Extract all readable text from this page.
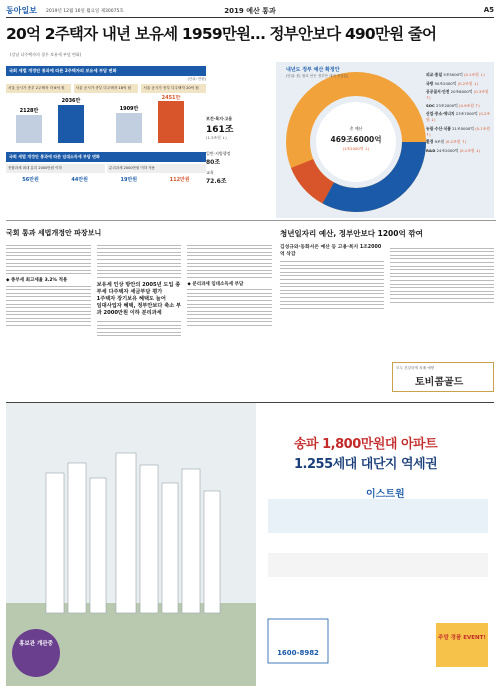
동아일보 2019년 12월 16일 월요일 제30075호	2019 예산 통과	A5
20억 2주택자 내년 보유세 1959만원… 정부안보다 490만원 줄어
(강남 다주택자의 경우 보유세 부담 변화)
국회 세법 개정안 통과에 따른 2주택자의 보유세 부담 변화
(단위: 만원)
서울 공시가 종부 2주택자 각 6억 원	서울 공시가 종부 다주택자 18억 원	서울 공시가 종부 다주택자 20억 원
2128만
2036만
1909만
2451만
국회 세법 개정안 통과에 따른 임대소득세 부담 변화
종합과세 최대 분리 2000만원 이하	분리과세 2000만원 이하 적용
56만원	44만원	19만원	112만원
보건·복지·고용
161조
(1.3조원 ↓)
일반·지방행정
80조
교육
72.6조
내년도 정부 예산 확정안
(단위: 원, 괄호 안은 정부안 대비 증감분)
총 예산
469조6000억
(1조2000억 ↓)
외교·통일 5조5000억 (0.1조원 ↓)
국방 50조2000억 (0.2조원 ↓)
공공질서·안전 20조8000억 (0.3조원 ↑)
SOC 23조2000억 (0.9조원 ↑)
산업·중소·에너지 23조7000억 (0.2조원 ↓)
농림·수산·식품 21조5000억 (0.1조원 ↑)
환경 9조원 (0.2조원 ↑)
R&D 24조2000억 (0.1조원 ↓)
국회 통과 세법개정안 파장보니
◆ 종부세 최고세율 3.2% 적용
보유세 인상 방안의 2005년 도입 종부세 다주택자 세금부담 평가
1주택자 장기보유 혜택도 늘어
임대사업자 혜택, 정부안보다 축소 부과 2000만원 이하 분리과세
◆ 분리과세 임대소득세 부담
청년일자리 예산, 정부안보다 1200억 깎여
김성규와·동화서은 예산 등 고용·복지 1조2000억 삭감
모두 건강하게 치매 예방
토비콤골드
송파 1,800만원대 아파트
1.255세대 대단지 역세권
이스트원
홍보관 개관중
1600-8982
주말 경품 EVENT!
